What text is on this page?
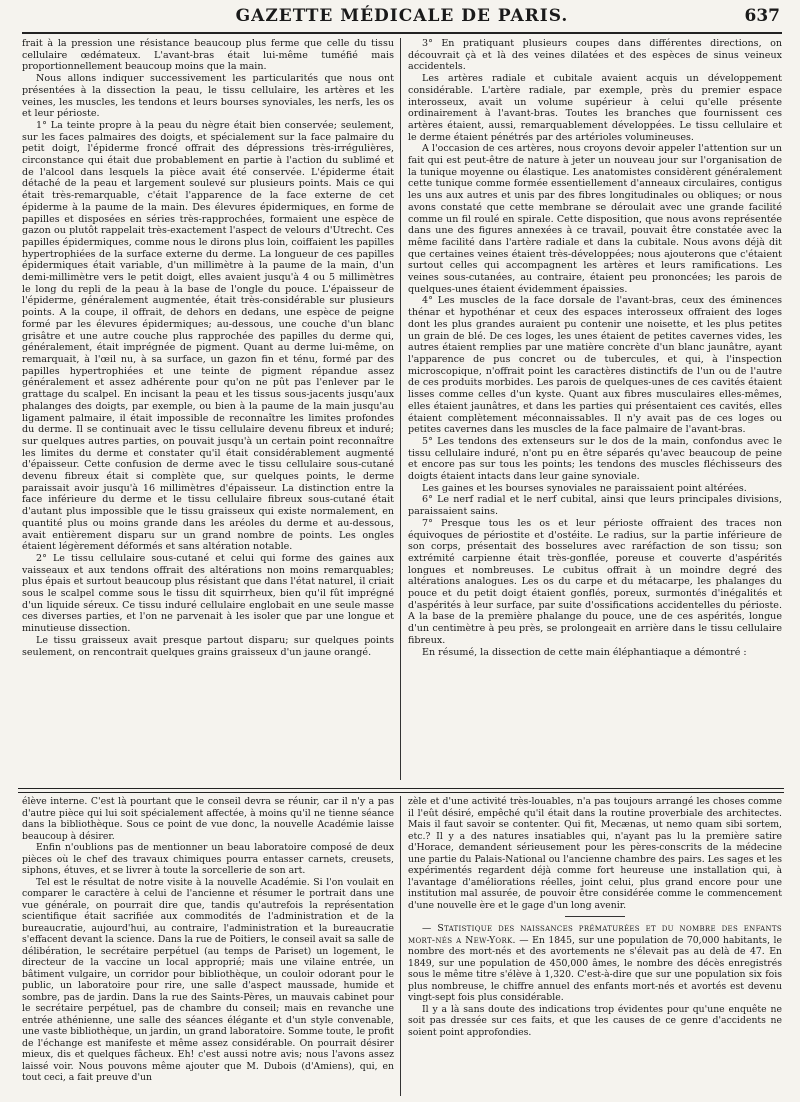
GAZETTE MÉDICALE DE PARIS.	637

frait à la pression une résistance beaucoup plus ferme que celle du tissu cellulaire œdémateux. L'avant-bras était lui-même tuméfié mais proportionnellement beaucoup moins que la main.

Nous allons indiquer successivement les particularités que nous ont présentées à la dissection la peau, le tissu cellulaire, les artères et les veines, les muscles, les tendons et leurs bourses synoviales, les nerfs, les os et leur périoste.

1° La teinte propre à la peau du nègre était bien conservée; seulement, sur les faces palmaires des doigts, et spécialement sur la face palmaire du petit doigt, l'épiderme froncé offrait des dépressions très-irrégulières, circonstance qui était due probablement en partie à l'action du sublimé et de l'alcool dans lesquels la pièce avait été conservée. L'épiderme était détaché de la peau et largement soulevé sur plusieurs points. Mais ce qui était très-remarquable, c'était l'apparence de la face externe de cet épiderme à la paume de la main. Des élevures épidermiques, en forme de papilles et disposées en séries très-rapprochées, formaient une espèce de gazon ou plutôt rappelait très-exactement l'aspect de velours d'Utrecht. Ces papilles épidermiques, comme nous le dirons plus loin, coiffaient les papilles hypertrophiées de la surface externe du derme. La longueur de ces papilles épidermiques était variable, d'un millimètre à la paume de la main, d'un demi-millimètre vers le petit doigt, elles avaient jusqu'à 4 ou 5 millimètres le long du repli de la peau à la base de l'ongle du pouce. L'épaisseur de l'épiderme, généralement augmentée, était très-considérable sur plusieurs points. A la coupe, il offrait, de dehors en dedans, une espèce de peigne formé par les élevures épidermiques; au-dessous, une couche d'un blanc grisâtre et une autre couche plus rapprochée des papilles du derme qui, généralement, était imprégnée de pigment. Quant au derme lui-même, on remarquait, à l'œil nu, à sa surface, un gazon fin et ténu, formé par des papilles hypertrophiées et une teinte de pigment répandue assez généralement et assez adhérente pour qu'on ne pût pas l'enlever par le grattage du scalpel. En incisant la peau et les tissus sous-jacents jusqu'aux phalanges des doigts, par exemple, ou bien à la paume de la main jusqu'au ligament palmaire, il était impossible de reconnaître les limites profondes du derme. Il se continuait avec le tissu cellulaire devenu fibreux et induré; sur quelques autres parties, on pouvait jusqu'à un certain point reconnaître les limites du derme et constater qu'il était considérablement augmenté d'épaisseur. Cette confusion de derme avec le tissu cellulaire sous-cutané devenu fibreux était si complète que, sur quelques points, le derme paraissait avoir jusqu'à 16 millimètres d'épaisseur. La distinction entre la face inférieure du derme et le tissu cellulaire fibreux sous-cutané était d'autant plus impossible que le tissu graisseux qui existe normalement, en quantité plus ou moins grande dans les aréoles du derme et au-dessous, avait entièrement disparu sur un grand nombre de points. Les ongles étaient légèrement déformés et sans altération notable.

2° Le tissu cellulaire sous-cutané et celui qui forme des gaines aux vaisseaux et aux tendons offrait des altérations non moins remarquables; plus épais et surtout beaucoup plus résistant que dans l'état naturel, il criait sous le scalpel comme sous le tissu dit squirrheux, bien qu'il fût imprégné d'un liquide séreux. Ce tissu induré cellulaire englobait en une seule masse ces diverses parties, et l'on ne parvenait à les isoler que par une longue et minutieuse dissection.

Le tissu graisseux avait presque partout disparu; sur quelques points seulement, on rencontrait quelques grains graisseux d'un jaune orangé.

3° En pratiquant plusieurs coupes dans différentes directions, on découvrait çà et là des veines dilatées et des espèces de sinus veineux accidentels.

Les artères radiale et cubitale avaient acquis un développement considérable. L'artère radiale, par exemple, près du premier espace interosseux, avait un volume supérieur à celui qu'elle présente ordinairement à l'avant-bras. Toutes les branches que fournissent ces artères étaient, aussi, remarquablement développées. Le tissu cellulaire et le derme étaient pénétrés par des artérioles volumineuses.

A l'occasion de ces artères, nous croyons devoir appeler l'attention sur un fait qui est peut-être de nature à jeter un nouveau jour sur l'organisation de la tunique moyenne ou élastique. Les anatomistes considèrent généralement cette tunique comme formée essentiellement d'anneaux circulaires, contigus les uns aux autres et unis par des fibres longitudinales ou obliques; or nous avons constaté que cette membrane se déroulait avec une grande facilité comme un fil roulé en spirale. Cette disposition, que nous avons représentée dans une des figures annexées à ce travail, pouvait être constatée avec la même facilité dans l'artère radiale et dans la cubitale. Nous avons déjà dit que certaines veines étaient très-développées; nous ajouterons que c'étaient surtout celles qui accompagnent les artères et leurs ramifications. Les veines sous-cutanées, au contraire, étaient peu prononcées; les parois de quelques-unes étaient évidemment épaissies.

4° Les muscles de la face dorsale de l'avant-bras, ceux des éminences thénar et hypothénar et ceux des espaces interosseux offraient des loges dont les plus grandes auraient pu contenir une noisette, et les plus petites un grain de blé. De ces loges, les unes étaient de petites cavernes vides, les autres étaient remplies par une matière concrète d'un blanc jaunâtre, ayant l'apparence de pus concret ou de tubercules, et qui, à l'inspection microscopique, n'offrait point les caractères distinctifs de l'un ou de l'autre de ces produits morbides. Les parois de quelques-unes de ces cavités étaient lisses comme celles d'un kyste. Quant aux fibres musculaires elles-mêmes, elles étaient jaunâtres, et dans les parties qui présentaient ces cavités, elles étaient complètement méconnaissables. Il n'y avait pas de ces loges ou petites cavernes dans les muscles de la face palmaire de l'avant-bras.

5° Les tendons des extenseurs sur le dos de la main, confondus avec le tissu cellulaire induré, n'ont pu en être séparés qu'avec beaucoup de peine et encore pas sur tous les points; les tendons des muscles fléchisseurs des doigts étaient intacts dans leur gaine synoviale.

Les gaines et les bourses synoviales ne paraissaient point altérées.

6° Le nerf radial et le nerf cubital, ainsi que leurs principales divisions, paraissaient sains.

7° Presque tous les os et leur périoste offraient des traces non équivoques de périostite et d'ostéite. Le radius, sur la partie inférieure de son corps, présentait des bosselures avec raréfaction de son tissu; son extrémité carpienne était très-gonflée, poreuse et couverte d'aspérités longues et nombreuses. Le cubitus offrait à un moindre degré des altérations analogues. Les os du carpe et du métacarpe, les phalanges du pouce et du petit doigt étaient gonflés, poreux, surmontés d'inégalités et d'aspérités à leur surface, par suite d'ossifications accidentelles du périoste. A la base de la première phalange du pouce, une de ces aspérités, longue d'un centimètre à peu près, se prolongeait en arrière dans le tissu cellulaire fibreux.

En résumé, la dissection de cette main éléphantiaque a démontré :

élève interne. C'est là pourtant que le conseil devra se réunir, car il n'y a pas d'autre pièce qui lui soit spécialement affectée, à moins qu'il ne tienne séance dans la bibliothèque. Sous ce point de vue donc, la nouvelle Académie laisse beaucoup à désirer.

Enfin n'oublions pas de mentionner un beau laboratoire composé de deux pièces où le chef des travaux chimiques pourra entasser carnets, creusets, siphons, étuves, et se livrer à toute la sorcellerie de son art.

Tel est le résultat de notre visite à la nouvelle Académie. Si l'on voulait en comparer le caractère à celui de l'ancienne et résumer le portrait dans une vue générale, on pourrait dire que, tandis qu'autrefois la représentation scientifique était sacrifiée aux commodités de l'administration et de la bureaucratie, aujourd'hui, au contraire, l'administration et la bureaucratie s'effacent devant la science. Dans la rue de Poitiers, le conseil avait sa salle de délibération, le secrétaire perpétuel (au temps de Pariset) un logement, le directeur de la vaccine un local approprié; mais une vilaine entrée, un bâtiment vulgaire, un corridor pour bibliothèque, un couloir odorant pour le public, un laboratoire pour rire, une salle d'aspect maussade, humide et sombre, pas de jardin. Dans la rue des Saints-Pères, un mauvais cabinet pour le secrétaire perpétuel, pas de chambre du conseil; mais en revanche une entrée athénienne, une salle des séances élégante et d'un style convenable, une vaste bibliothèque, un jardin, un grand laboratoire. Somme toute, le profit de l'échange est manifeste et même assez considérable. On pourrait désirer mieux, dis et quelques fâcheux. Eh! c'est aussi notre avis; nous l'avons assez laissé voir. Nous pouvons même ajouter que M. Dubois (d'Amiens), qui, en tout ceci, a fait preuve d'un

zèle et d'une activité très-louables, n'a pas toujours arrangé les choses comme il l'eût désiré, empêché qu'il était dans la routine proverbiale des architectes. Mais il faut savoir se contenter. Qui fit, Mecænas, ut nemo quam sibi sortem, etc.? Il y a des natures insatiables qui, n'ayant pas lu la première satire d'Horace, demandent sérieusement pour les pères-conscrits de la médecine une partie du Palais-National ou l'ancienne chambre des pairs. Les sages et les expérimentés regardent déjà comme fort heureuse une installation qui, à l'avantage d'améliorations réelles, joint celui, plus grand encore pour une institution mal assurée, de pouvoir être considérée comme le commencement d'une nouvelle ère et le gage d'un long avenir.

— Statistique des naissances prématurées et du nombre des enfants mort-nés a New-York. — En 1845, sur une population de 70,000 habitants, le nombre des mort-nés et des avortements ne s'élevait pas au delà de 47. En 1849, sur une population de 450,000 âmes, le nombre des décès enregistrés sous le même titre s'élève à 1,320. C'est-à-dire que sur une population six fois plus nombreuse, le chiffre annuel des enfants mort-nés et avortés est devenu vingt-sept fois plus considérable.

Il y a là sans doute des indications trop évidentes pour qu'une enquête ne soit pas dressée sur ces faits, et que les causes de ce genre d'accidents ne soient point approfondies.
